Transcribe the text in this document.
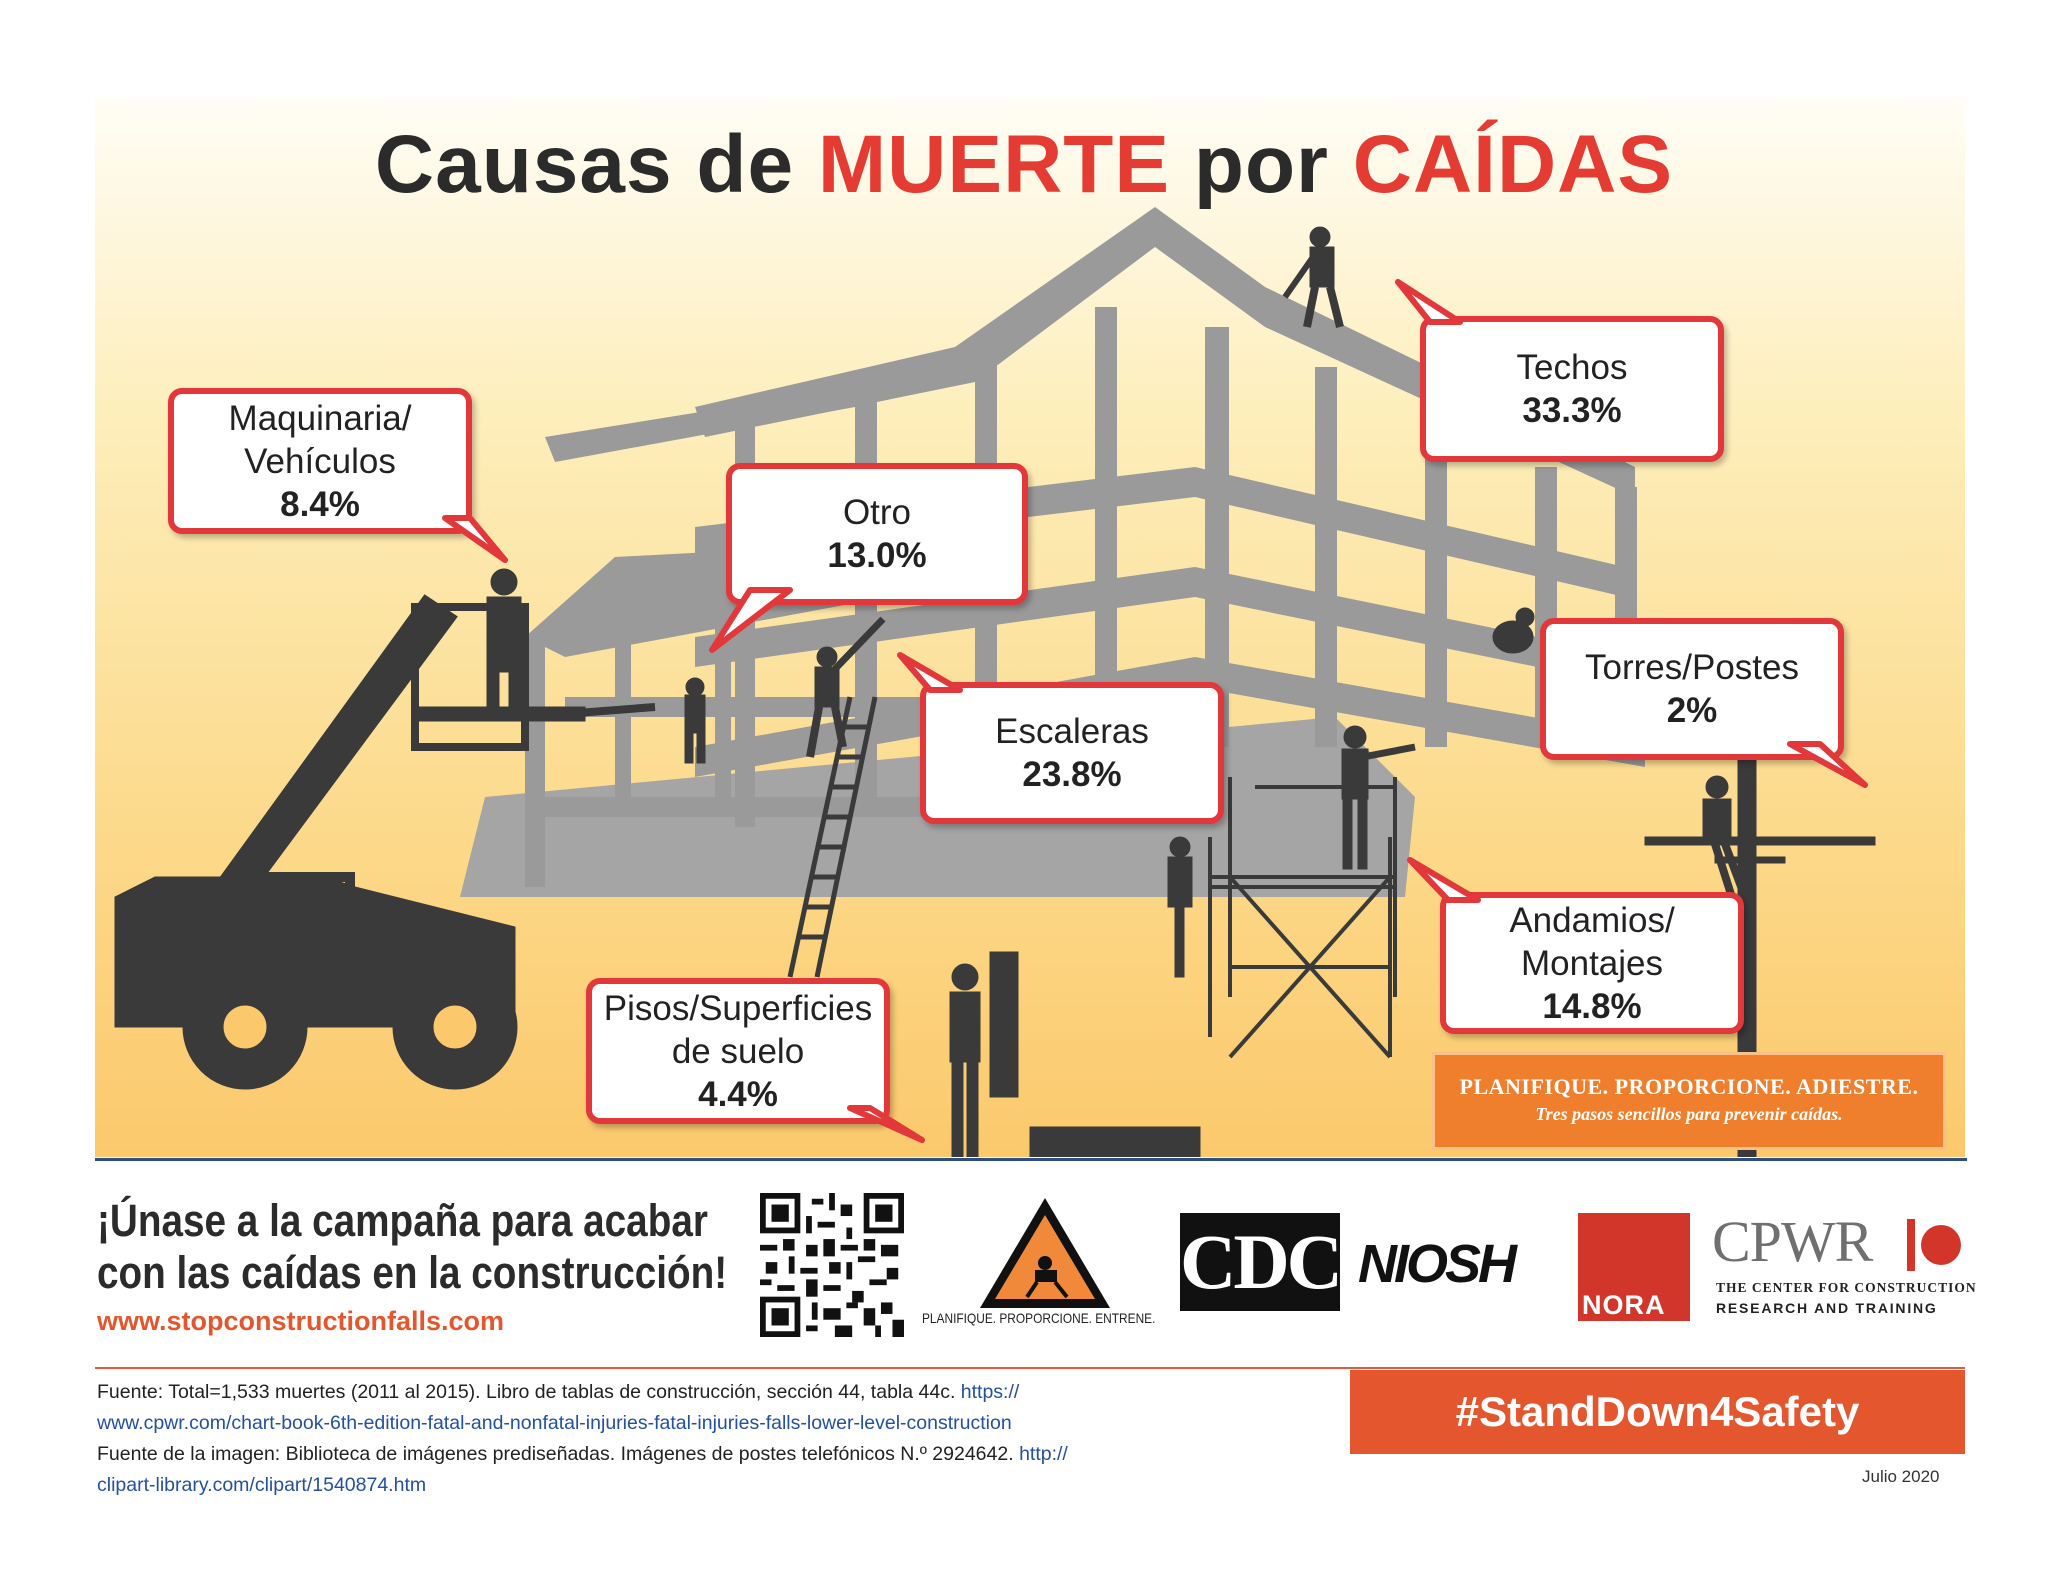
Causas de MUERTE por CAÍDAS
Maquinaria/
Vehículos
8.4%	Otro
13.0%
Techos
33.3%
Escaleras
23.8%
Torres/Postes
2%
Andamios/
Montajes
14.8%
Pisos/Superficies
de suelo
4.4%	PLANIFIQUE. PROPORCIONE. ADIESTRE.
Tres pasos sencillos para prevenir caídas.
¡Únase a la campaña para acabar
con las caídas en la construcción!
www.stopconstructionfalls.com	PLANIFIQUE. PROPORCIONE. ENTRENE.
CDC NIOSH
NORA
CPWR
THE CENTER FOR CONSTRUCTION
RESEARCH AND TRAINING
Fuente: Total=1,533 muertes (2011 al 2015). Libro de tablas de construcción, sección 44, tabla 44c. https://
www.cpwr.com/chart-book-6th-edition-fatal-and-nonfatal-injuries-fatal-injuries-falls-lower-level-construction
Fuente de la imagen: Biblioteca de imágenes prediseñadas. Imágenes de postes telefónicos N.º 2924642. http://
clipart-library.com/clipart/1540874.htm
#StandDown4Safety
Julio 2020
